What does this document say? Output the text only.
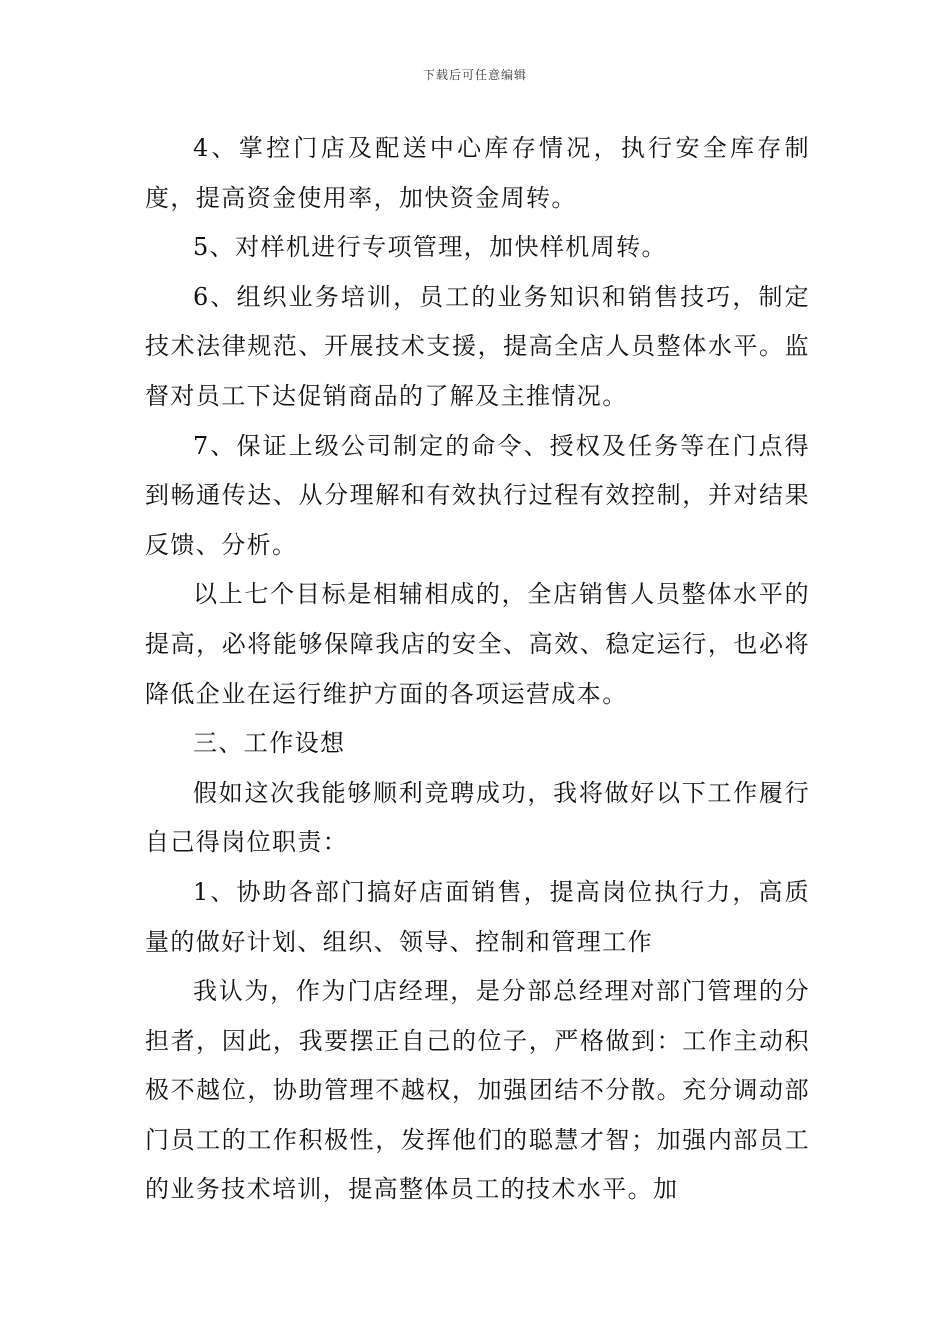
下载后可任意编辑

4、掌控门店及配送中心库存情况，执行安全库存制度，提高资金使用率，加快资金周转。

5、对样机进行专项管理，加快样机周转。

6、组织业务培训，员工的业务知识和销售技巧，制定技术法律规范、开展技术支援，提高全店人员整体水平。监督对员工下达促销商品的了解及主推情况。

7、保证上级公司制定的命令、授权及任务等在门点得到畅通传达、从分理解和有效执行过程有效控制，并对结果反馈、分析。

以上七个目标是相辅相成的，全店销售人员整体水平的提高，必将能够保障我店的安全、高效、稳定运行，也必将降低企业在运行维护方面的各项运营成本。

三、工作设想

假如这次我能够顺利竞聘成功，我将做好以下工作履行自己得岗位职责：

1、协助各部门搞好店面销售，提高岗位执行力，高质量的做好计划、组织、领导、控制和管理工作

我认为，作为门店经理，是分部总经理对部门管理的分担者，因此，我要摆正自己的位子，严格做到：工作主动积极不越位，协助管理不越权，加强团结不分散。充分调动部门员工的工作积极性，发挥他们的聪慧才智；加强内部员工的业务技术培训，提高整体员工的技术水平。加
